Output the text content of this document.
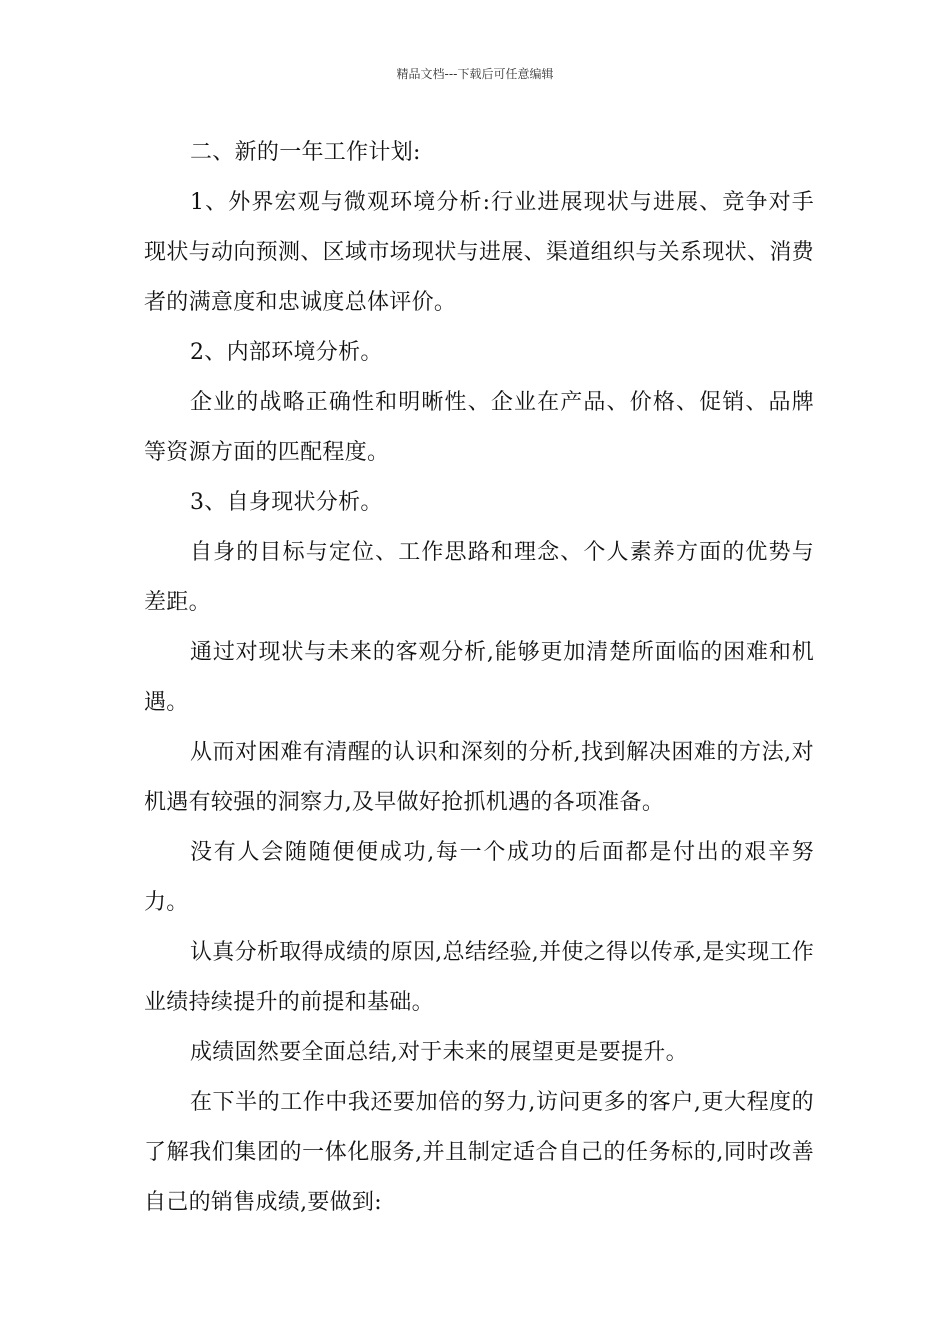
精品文档---下载后可任意编辑

二、新的一年工作计划:

1、外界宏观与微观环境分析:行业进展现状与进展、竞争对手现状与动向预测、区域市场现状与进展、渠道组织与关系现状、消费者的满意度和忠诚度总体评价。

2、内部环境分析。

企业的战略正确性和明晰性、企业在产品、价格、促销、品牌等资源方面的匹配程度。

3、自身现状分析。

自身的目标与定位、工作思路和理念、个人素养方面的优势与差距。

通过对现状与未来的客观分析,能够更加清楚所面临的困难和机遇。

从而对困难有清醒的认识和深刻的分析,找到解决困难的方法,对机遇有较强的洞察力,及早做好抢抓机遇的各项准备。

没有人会随随便便成功,每一个成功的后面都是付出的艰辛努力。

认真分析取得成绩的原因,总结经验,并使之得以传承,是实现工作业绩持续提升的前提和基础。

成绩固然要全面总结,对于未来的展望更是要提升。

在下半的工作中我还要加倍的努力,访问更多的客户,更大程度的了解我们集团的一体化服务,并且制定适合自己的任务标的,同时改善自己的销售成绩,要做到:
